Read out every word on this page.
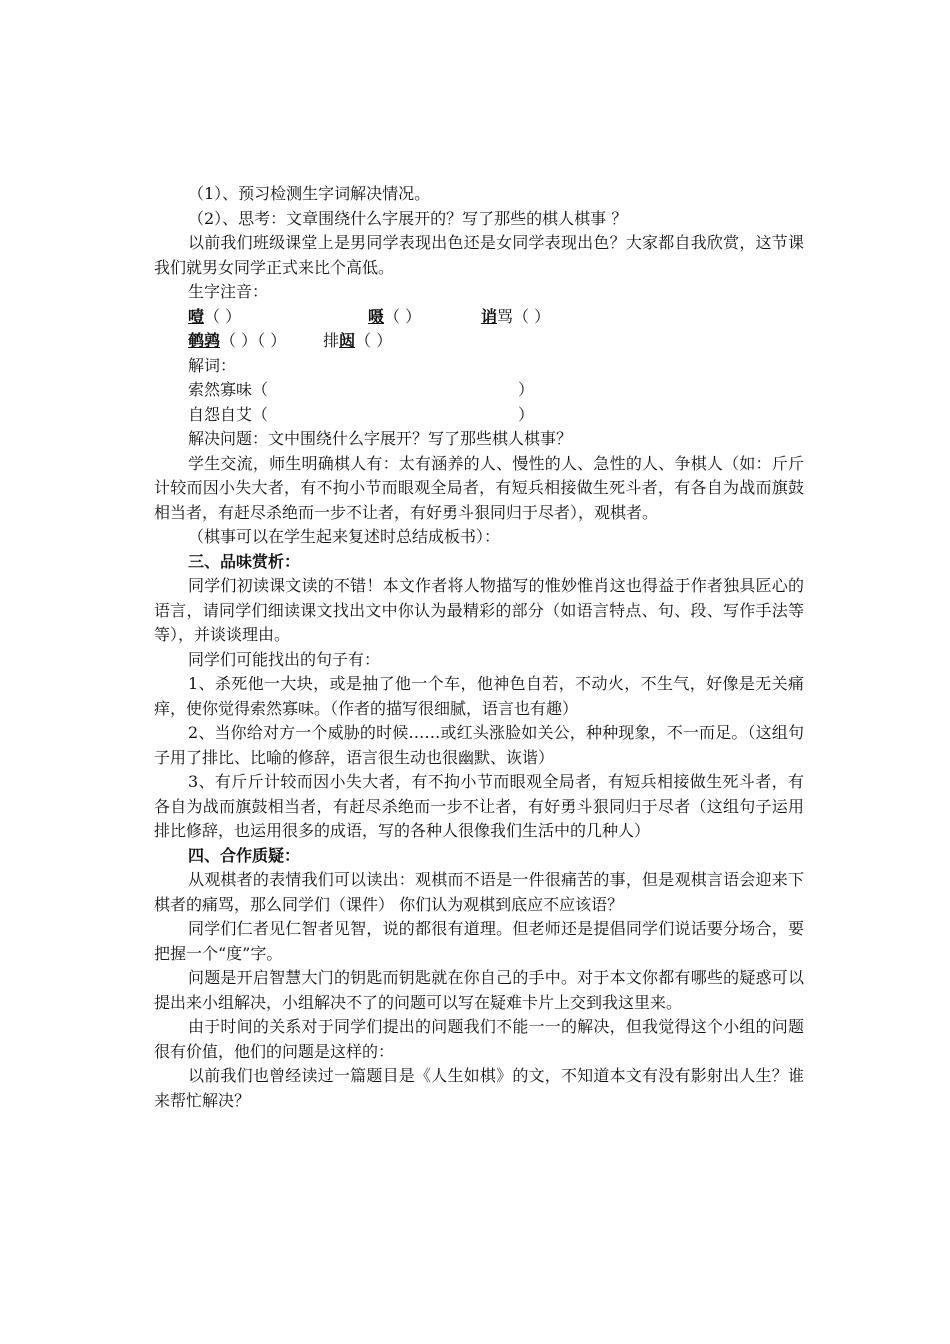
（1）、预习检测生字词解决情况。

（2）、思考：文章围绕什么字展开的？写了那些的棋人棋事 ？

以前我们班级课堂上是男同学表现出色还是女同学表现出色？大家都自我欣赏，这节课我们就男女同学正式来比个高低。

生字注音：

噎（ ）	嗫（ ）	诮骂（ ）
鹌鹑（ ）（ ）	排闼（ ）

解词：

索然寡味（	）
自怨自艾（	）

解决问题：文中围绕什么字展开？写了那些棋人棋事？

学生交流，师生明确棋人有：太有涵养的人、慢性的人、急性的人、争棋人（如：斤斤计较而因小失大者，有不拘小节而眼观全局者，有短兵相接做生死斗者，有各自为战而旗鼓相当者，有赶尽杀绝而一步不让者，有好勇斗狠同归于尽者），观棋者。

（棋事可以在学生起来复述时总结成板书）：

三、品味赏析：

同学们初读课文读的不错！本文作者将人物描写的惟妙惟肖这也得益于作者独具匠心的语言，请同学们细读课文找出文中你认为最精彩的部分（如语言特点、句、段、写作手法等等），并谈谈理由。

同学们可能找出的句子有：

1、杀死他一大块，或是抽了他一个车，他神色自若，不动火，不生气，好像是无关痛痒，使你觉得索然寡味。（作者的描写很细腻，语言也有趣）

2、当你给对方一个威胁的时候……或红头涨脸如关公，种种现象，不一而足。（这组句子用了排比、比喻的修辞，语言很生动也很幽默、诙谐）

3、有斤斤计较而因小失大者，有不拘小节而眼观全局者，有短兵相接做生死斗者，有各自为战而旗鼓相当者，有赶尽杀绝而一步不让者，有好勇斗狠同归于尽者（这组句子运用排比修辞，也运用很多的成语，写的各种人很像我们生活中的几种人）

四、合作质疑：

从观棋者的表情我们可以读出：观棋而不语是一件很痛苦的事，但是观棋言语会迎来下棋者的痛骂，那么同学们（课件） 你们认为观棋到底应不应该语？

同学们仁者见仁智者见智，说的都很有道理。但老师还是提倡同学们说话要分场合，要把握一个“度”字。

问题是开启智慧大门的钥匙而钥匙就在你自己的手中。对于本文你都有哪些的疑惑可以提出来小组解决，小组解决不了的问题可以写在疑难卡片上交到我这里来。

由于时间的关系对于同学们提出的问题我们不能一一的解决，但我觉得这个小组的问题很有价值，他们的问题是这样的：

以前我们也曾经读过一篇题目是《人生如棋》的文，不知道本文有没有影射出人生？谁来帮忙解决？
